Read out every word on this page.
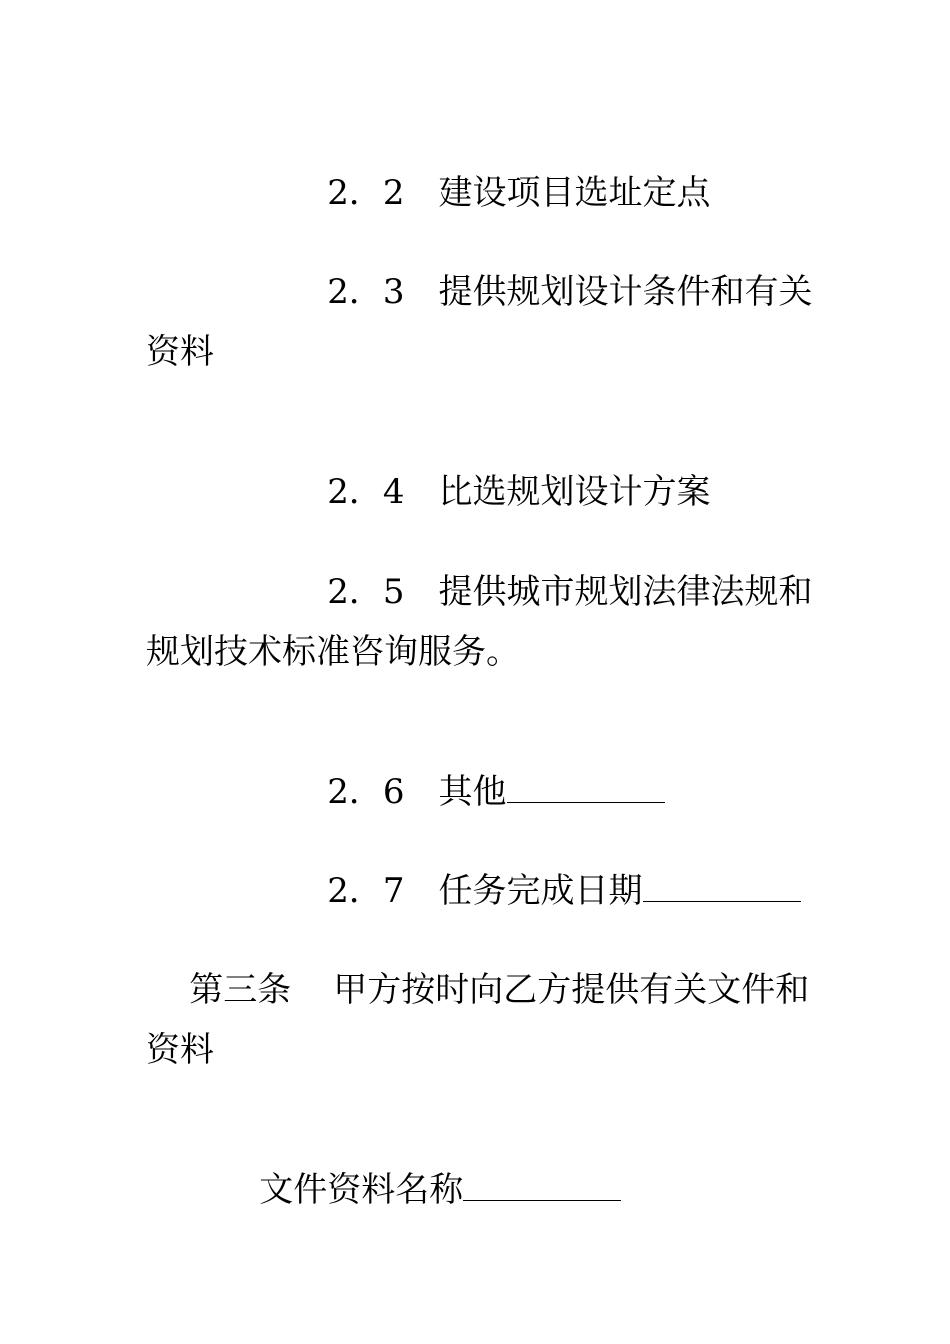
2．2 建设项目选址定点

2．3 提供规划设计条件和有关

资料

2．4 比选规划设计方案

2．5 提供城市规划法律法规和

规划技术标准咨询服务。

2．6 其他

2．7 任务完成日期

第三条 甲方按时向乙方提供有关文件和

资料

文件资料名称
